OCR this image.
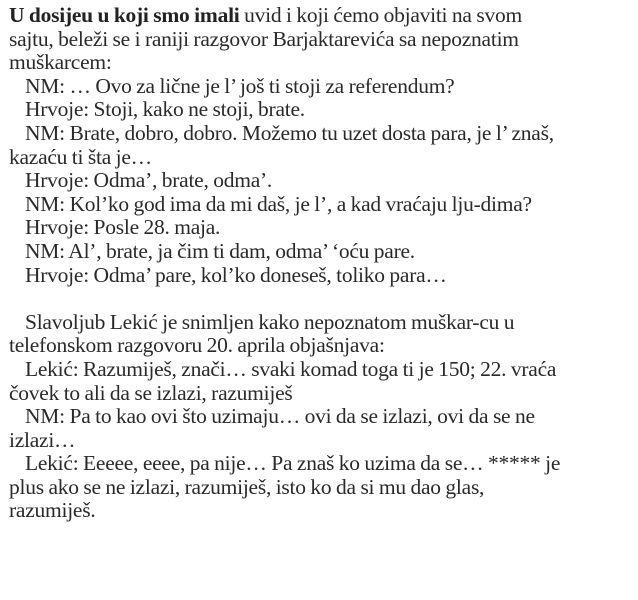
U dosijeu u koji smo imali uvid i koji ćemo objaviti na svom sajtu, beleži se i raniji razgovor Barjaktarevića sa nepoznatim muškarcem:

NM: … Ovo za lične je l’ još ti stoji za referendum?

Hrvoje: Stoji, kako ne stoji, brate.

NM: Brate, dobro, dobro. Možemo tu uzet dosta para, je l’ znaš, kazaću ti šta je…

Hrvoje: Odma’, brate, odma’.

NM: Kol’ko god ima da mi daš, je l’, a kad vraćaju lju-dima?

Hrvoje: Posle 28. maja.

NM: Al’, brate, ja čim ti dam, odma’ ‘oću pare.

Hrvoje: Odma’ pare, kol’ko doneseš, toliko para…

Slavoljub Lekić je snimljen kako nepoznatom muškar-cu u telefonskom razgovoru 20. aprila objašnjava:

Lekić: Razumiješ, znači… svaki komad toga ti je 150; 22. vraća čovek to ali da se izlazi, razumiješ

NM: Pa to kao ovi što uzimaju… ovi da se izlazi, ovi da se ne izlazi…

Lekić: Eeeee, eeee, pa nije… Pa znaš ko uzima da se… ***** je plus ako se ne izlazi, razumiješ, isto ko da si mu dao glas, razumiješ.
